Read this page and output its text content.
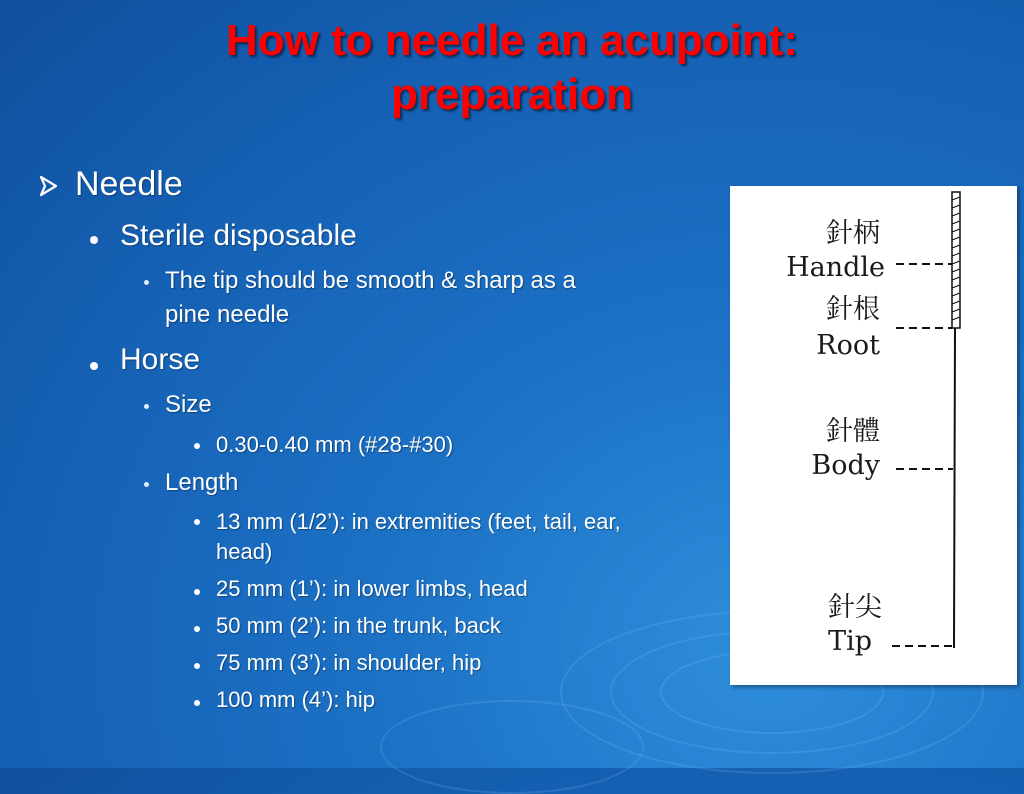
How to needle an acupoint:
preparation
Needle
Sterile disposable
The tip should be smooth & sharp as a
pine needle
Horse
Size
0.30-0.40 mm (#28-#30)
Length
13 mm (1/2’): in extremities (feet, tail, ear,
head)
25 mm (1’): in lower limbs, head
50 mm (2’): in the trunk, back
75 mm (3’): in shoulder, hip
100 mm (4’): hip
針柄
Handle
針根
Root
針體
Body
針尖
Tip
